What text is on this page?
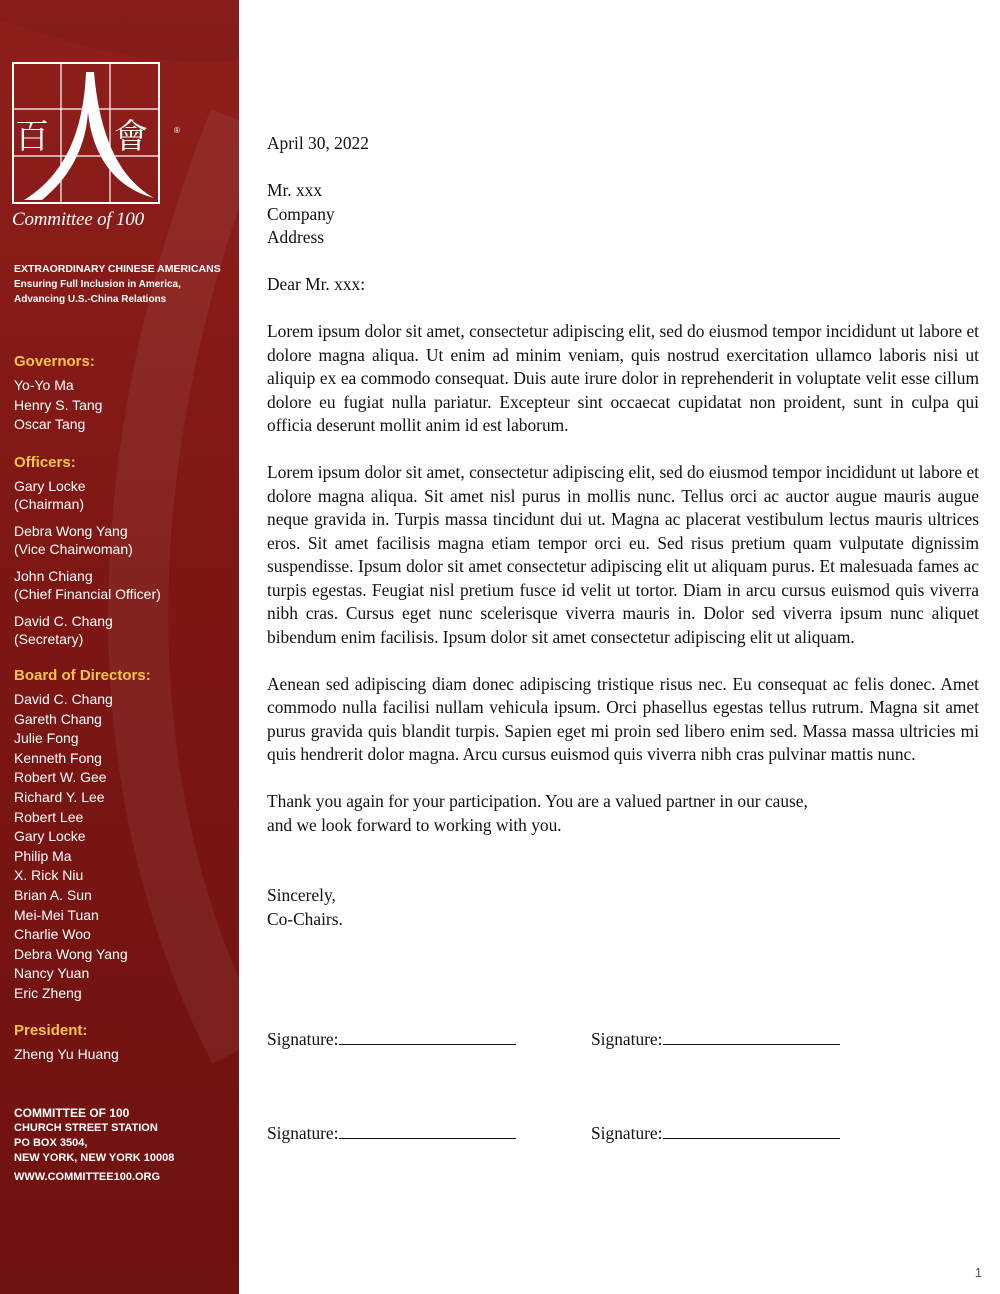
百 會	®
Committee of 100
EXTRAORDINARY CHINESE AMERICANS
Ensuring Full Inclusion in America,
Advancing U.S.-China Relations
Governors:
Yo-Yo Ma
Henry S. Tang
Oscar Tang
Officers:
Gary Locke
(Chairman)
Debra Wong Yang
(Vice Chairwoman)
John Chiang
(Chief Financial Officer)
David C. Chang
(Secretary)
Board of Directors:
David C. Chang
Gareth Chang
Julie Fong
Kenneth Fong
Robert W. Gee
Richard Y. Lee
Robert Lee
Gary Locke
Philip Ma
X. Rick Niu
Brian A. Sun
Mei-Mei Tuan
Charlie Woo
Debra Wong Yang
Nancy Yuan
Eric Zheng
President:
Zheng Yu Huang
COMMITTEE OF 100
CHURCH STREET STATION
PO BOX 3504,
NEW YORK, NEW YORK 10008
WWW.COMMITTEE100.ORG

April 30, 2022

Mr. xxx
Company
Address

Dear Mr. xxx:

Lorem ipsum dolor sit amet, consectetur adipiscing elit, sed do eiusmod tempor incididunt ut labore et dolore magna aliqua. Ut enim ad minim veniam, quis nostrud exercitation ullamco laboris nisi ut aliquip ex ea commodo consequat. Duis aute irure dolor in reprehenderit in voluptate velit esse cillum dolore eu fugiat nulla pariatur. Excepteur sint occaecat cupidatat non proident, sunt in culpa qui officia deserunt mollit anim id est laborum.

Lorem ipsum dolor sit amet, consectetur adipiscing elit, sed do eiusmod tempor incididunt ut labore et dolore magna aliqua. Sit amet nisl purus in mollis nunc. Tellus orci ac auctor augue mauris augue neque gravida in. Turpis massa tincidunt dui ut. Magna ac placerat vestibulum lectus mauris ultrices eros. Sit amet facilisis magna etiam tempor orci eu. Sed risus pretium quam vulputate dignissim suspendisse. Ipsum dolor sit amet consectetur adipiscing elit ut aliquam purus. Et malesuada fames ac turpis egestas. Feugiat nisl pretium fusce id velit ut tortor. Diam in arcu cursus euismod quis viverra nibh cras. Cursus eget nunc scelerisque viverra mauris in. Dolor sed viverra ipsum nunc aliquet bibendum enim facilisis. Ipsum dolor sit amet consectetur adipiscing elit ut aliquam.

Aenean sed adipiscing diam donec adipiscing tristique risus nec. Eu consequat ac felis donec. Amet commodo nulla facilisi nullam vehicula ipsum. Orci phasellus egestas tellus rutrum. Magna sit amet purus gravida quis blandit turpis. Sapien eget mi proin sed libero enim sed. Massa massa ultricies mi quis hendrerit dolor magna. Arcu cursus euismod quis viverra nibh cras pulvinar mattis nunc.

Thank you again for your participation. You are a valued partner in our cause,
and we look forward to working with you.

Sincerely,
Co-Chairs.

Signature:	Signature:
Signature:	Signature:
1
